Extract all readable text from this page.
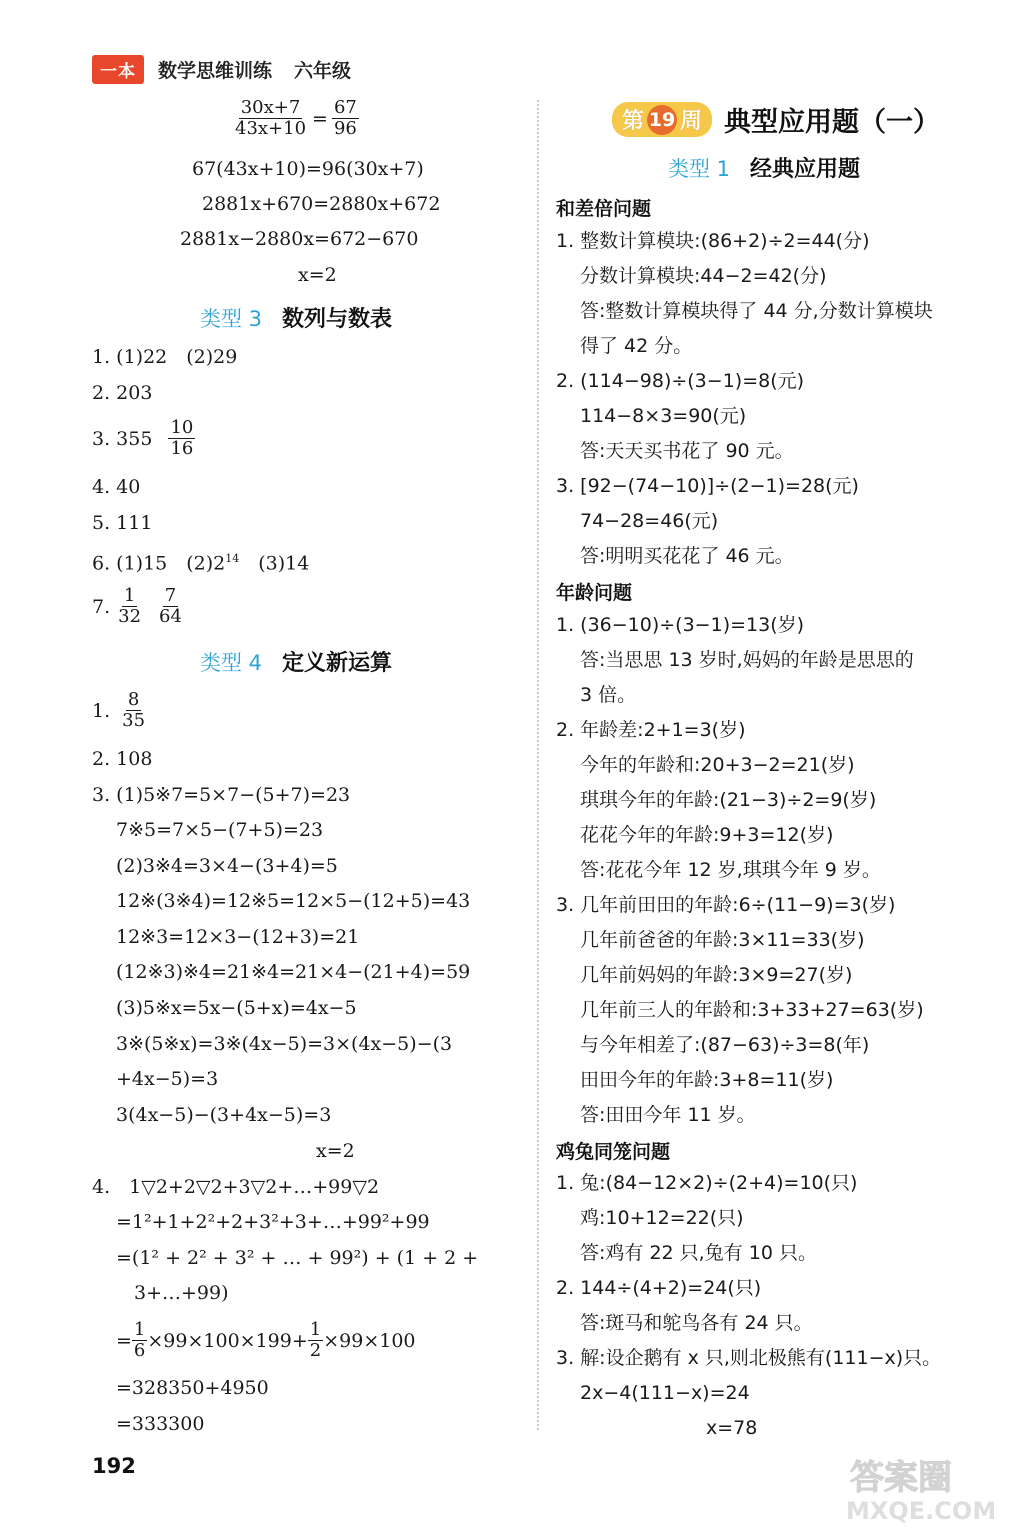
一本	数学思维训练 六年级
$\frac{30x+7}{43x+10} = \frac{67}{96}$
67(43x+10)=96(30x+7)
2881x+670=2880x+672
2881x−2880x=672−670
x=2
类型 3 数列与数表
1. (1)22　(2)29
2. 203
3. $355 \frac{10}{16}$
4. 40
5. 111
6. (1)15　$(2)2^{14}$　(3)14
7. $\frac{1}{32} \frac{7}{64}$
类型 4 定义新运算
1. $\frac{8}{35}$
2. 108
3. (1)5※7=5×7−(5+7)=23
7※5=7×5−(7+5)=23
(2)3※4=3×4−(3+4)=5
12※(3※4)=12※5=12×5−(12+5)=43
12※3=12×3−(12+3)=21
(12※3)※4=21※4=21×4−(21+4)=59
(3)5※x=5x−(5+x)=4x−5
3※(5※x)=3※(4x−5)=3×(4x−5)−(3
+4x−5)=3
3(4x−5)−(3+4x−5)=3
x=2
4.　1▽2+2▽2+3▽2+…+99▽2
=1²+1+2²+2+3²+3+…+99²+99
=(1² + 2² + 3² + … + 99²) + (1 + 2 +
3+…+99)
= $\frac{1}{6} \times 99\times 100\times 199+ \frac{1}{2} \times 99\times 100$
=328350+4950
=333300
第 19 周 典型应用题（一）
类型 1 经典应用题
和差倍问题
1. 整数计算模块:(86+2)÷2=44(分)
分数计算模块:44−2=42(分)
答:整数计算模块得了 44 分,分数计算模块
得了 42 分。
2. (114−98)÷(3−1)=8(元)
114−8×3=90(元)
答:天天买书花了 90 元。
3. [92−(74−10)]÷(2−1)=28(元)
74−28=46(元)
答:明明买花花了 46 元。
年龄问题
1. (36−10)÷(3−1)=13(岁)
答:当思思 13 岁时,妈妈的年龄是思思的
3 倍。
2. 年龄差:2+1=3(岁)
今年的年龄和:20+3−2=21(岁)
琪琪今年的年龄:(21−3)÷2=9(岁)
花花今年的年龄:9+3=12(岁)
答:花花今年 12 岁,琪琪今年 9 岁。
3. 几年前田田的年龄:6÷(11−9)=3(岁)
几年前爸爸的年龄:3×11=33(岁)
几年前妈妈的年龄:3×9=27(岁)
几年前三人的年龄和:3+33+27=63(岁)
与今年相差了:(87−63)÷3=8(年)
田田今年的年龄:3+8=11(岁)
答:田田今年 11 岁。
鸡兔同笼问题
1. 兔:(84−12×2)÷(2+4)=10(只)
鸡:10+12=22(只)
答:鸡有 22 只,兔有 10 只。
2. 144÷(4+2)=24(只)
答:斑马和鸵鸟各有 24 只。
3. 解:设企鹅有 x 只,则北极熊有(111−x)只。
2x−4(111−x)=24
x=78
192	答案圈
MXQE.COM
